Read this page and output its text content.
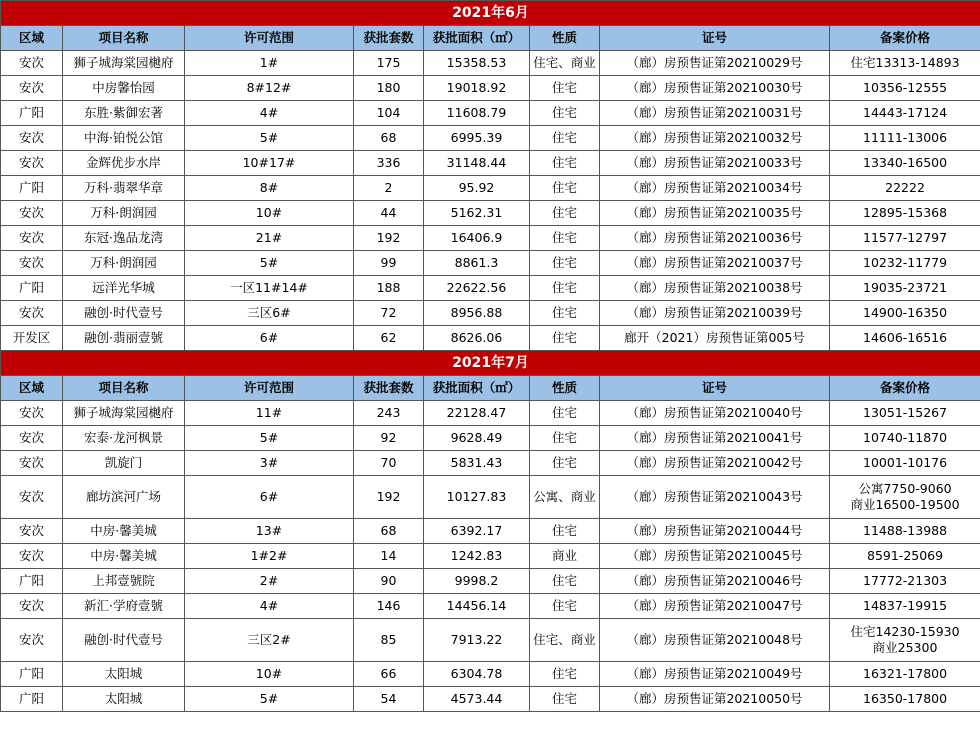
2021年6月							
区域	项目名称	许可范围	获批套数	获批面积（㎡）	性质	证号	备案价格
安次	狮子城海棠园樾府	1#	175	15358.53	住宅、商业	（廊）房预售证第20210029号	住宅13313-14893

安次	中房馨怡园	8#12#	180	19018.92	住宅	（廊）房预售证第20210030号	10356-12555

广阳	东胜·紫御宏著	4#	104	11608.79	住宅	（廊）房预售证第20210031号	14443-17124

安次	中海·铂悦公馆	5#	68	6995.39	住宅	（廊）房预售证第20210032号	11111-13006

安次	金辉优步水岸	10#17#	336	31148.44	住宅	（廊）房预售证第20210033号	13340-16500

广阳	万科·翡翠华章	8#	2	95.92	住宅	（廊）房预售证第20210034号	22222

安次	万科·朗润园	10#	44	5162.31	住宅	（廊）房预售证第20210035号	12895-15368

安次	东冠·逸品龙湾	21#	192	16406.9	住宅	（廊）房预售证第20210036号	11577-12797

安次	万科·朗润园	5#	99	8861.3	住宅	（廊）房预售证第20210037号	10232-11779

广阳	远洋光华城	一区11#14#	188	22622.56	住宅	（廊）房预售证第20210038号	19035-23721

安次	融创·时代壹号	三区6#	72	8956.88	住宅	（廊）房预售证第20210039号	14900-16350

开发区	融创·翡丽壹號	6#	62	8626.06	住宅	廊开（2021）房预售证第005号	14606-16516

2021年7月							
区域	项目名称	许可范围	获批套数	获批面积（㎡）	性质	证号	备案价格
安次	狮子城海棠园樾府	11#	243	22128.47	住宅	（廊）房预售证第20210040号	13051-15267

安次	宏泰·龙河枫景	5#	92	9628.49	住宅	（廊）房预售证第20210041号	10740-11870

安次	凯旋门	3#	70	5831.43	住宅	（廊）房预售证第20210042号	10001-10176

安次	廊坊滨河广场	6#	192	10127.83	公寓、商业	（廊）房预售证第20210043号	公寓7750-9060
商业16500-19500

安次	中房·馨美城	13#	68	6392.17	住宅	（廊）房预售证第20210044号	11488-13988

安次	中房·馨美城	1#2#	14	1242.83	商业	（廊）房预售证第20210045号	8591-25069

广阳	上邦壹號院	2#	90	9998.2	住宅	（廊）房预售证第20210046号	17772-21303

安次	新汇·学府壹號	4#	146	14456.14	住宅	（廊）房预售证第20210047号	14837-19915

安次	融创·时代壹号	三区2#	85	7913.22	住宅、商业	（廊）房预售证第20210048号	住宅14230-15930
商业25300

广阳	太阳城	10#	66	6304.78	住宅	（廊）房预售证第20210049号	16321-17800

广阳	太阳城	5#	54	4573.44	住宅	（廊）房预售证第20210050号	16350-17800
